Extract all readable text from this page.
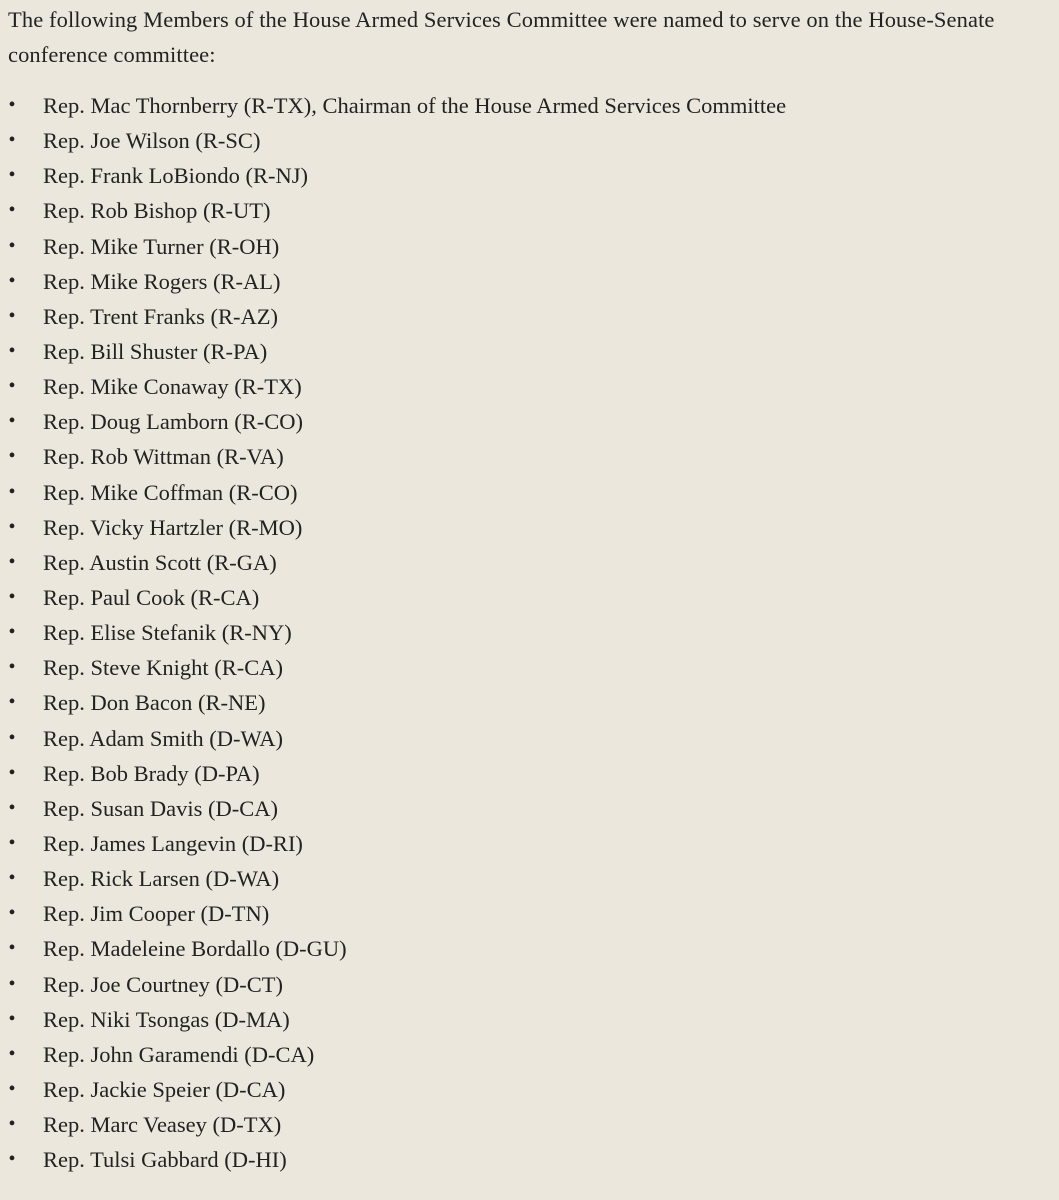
The following Members of the House Armed Services Committee were named to serve on the House-Senate conference committee:

• Rep. Mac Thornberry (R-TX), Chairman of the House Armed Services Committee
• Rep. Joe Wilson (R-SC)
• Rep. Frank LoBiondo (R-NJ)
• Rep. Rob Bishop (R-UT)
• Rep. Mike Turner (R-OH)
• Rep. Mike Rogers (R-AL)
• Rep. Trent Franks (R-AZ)
• Rep. Bill Shuster (R-PA)
• Rep. Mike Conaway (R-TX)
• Rep. Doug Lamborn (R-CO)
• Rep. Rob Wittman (R-VA)
• Rep. Mike Coffman (R-CO)
• Rep. Vicky Hartzler (R-MO)
• Rep. Austin Scott (R-GA)
• Rep. Paul Cook (R-CA)
• Rep. Elise Stefanik (R-NY)
• Rep. Steve Knight (R-CA)
• Rep. Don Bacon (R-NE)
• Rep. Adam Smith (D-WA)
• Rep. Bob Brady (D-PA)
• Rep. Susan Davis (D-CA)
• Rep. James Langevin (D-RI)
• Rep. Rick Larsen (D-WA)
• Rep. Jim Cooper (D-TN)
• Rep. Madeleine Bordallo (D-GU)
• Rep. Joe Courtney (D-CT)
• Rep. Niki Tsongas (D-MA)
• Rep. John Garamendi (D-CA)
• Rep. Jackie Speier (D-CA)
• Rep. Marc Veasey (D-TX)
• Rep. Tulsi Gabbard (D-HI)
